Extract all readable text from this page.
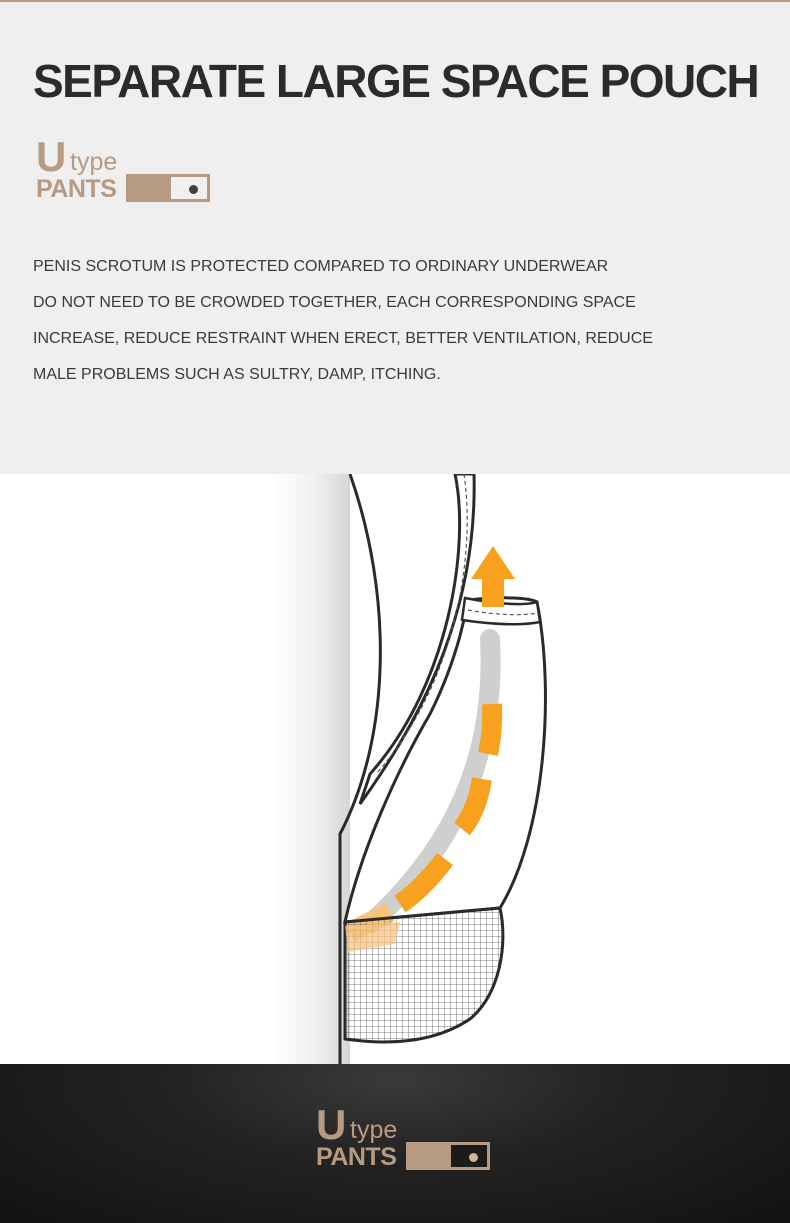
SEPARATE LARGE SPACE POUCH
U type
PANTS

PENIS SCROTUM IS PROTECTED COMPARED TO ORDINARY UNDERWEAR

DO NOT NEED TO BE CROWDED TOGETHER, EACH CORRESPONDING SPACE

INCREASE, REDUCE RESTRAINT WHEN ERECT, BETTER VENTILATION, REDUCE

MALE PROBLEMS SUCH AS SULTRY, DAMP, ITCHING.

U type
PANTS
